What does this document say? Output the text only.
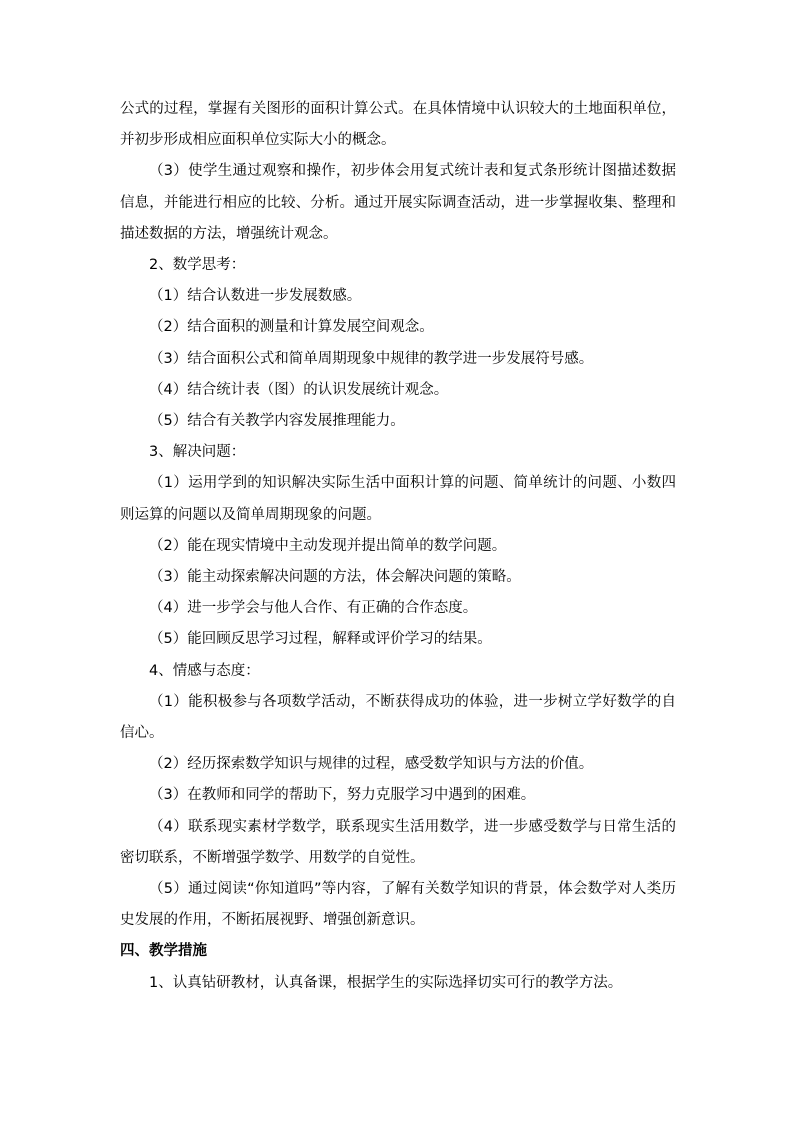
公式的过程，掌握有关图形的面积计算公式。在具体情境中认识较大的土地面积单位，并初步形成相应面积单位实际大小的概念。

（3）使学生通过观察和操作，初步体会用复式统计表和复式条形统计图描述数据信息，并能进行相应的比较、分析。通过开展实际调查活动，进一步掌握收集、整理和描述数据的方法，增强统计观念。

2、数学思考：

（1）结合认数进一步发展数感。

（2）结合面积的测量和计算发展空间观念。

（3）结合面积公式和简单周期现象中规律的教学进一步发展符号感。

（4）结合统计表（图）的认识发展统计观念。

（5）结合有关教学内容发展推理能力。

3、解决问题：

（1）运用学到的知识解决实际生活中面积计算的问题、简单统计的问题、小数四则运算的问题以及简单周期现象的问题。

（2）能在现实情境中主动发现并提出简单的数学问题。

（3）能主动探索解决问题的方法，体会解决问题的策略。

（4）进一步学会与他人合作、有正确的合作态度。

（5）能回顾反思学习过程，解释或评价学习的结果。

4、情感与态度：

（1）能积极参与各项数学活动，不断获得成功的体验，进一步树立学好数学的自信心。

（2）经历探索数学知识与规律的过程，感受数学知识与方法的价值。

（3）在教师和同学的帮助下，努力克服学习中遇到的困难。

（4）联系现实素材学数学，联系现实生活用数学，进一步感受数学与日常生活的密切联系，不断增强学数学、用数学的自觉性。

（5）通过阅读“你知道吗”等内容，了解有关数学知识的背景，体会数学对人类历史发展的作用，不断拓展视野、增强创新意识。

四、教学措施

1、认真钻研教材，认真备课，根据学生的实际选择切实可行的教学方法。
